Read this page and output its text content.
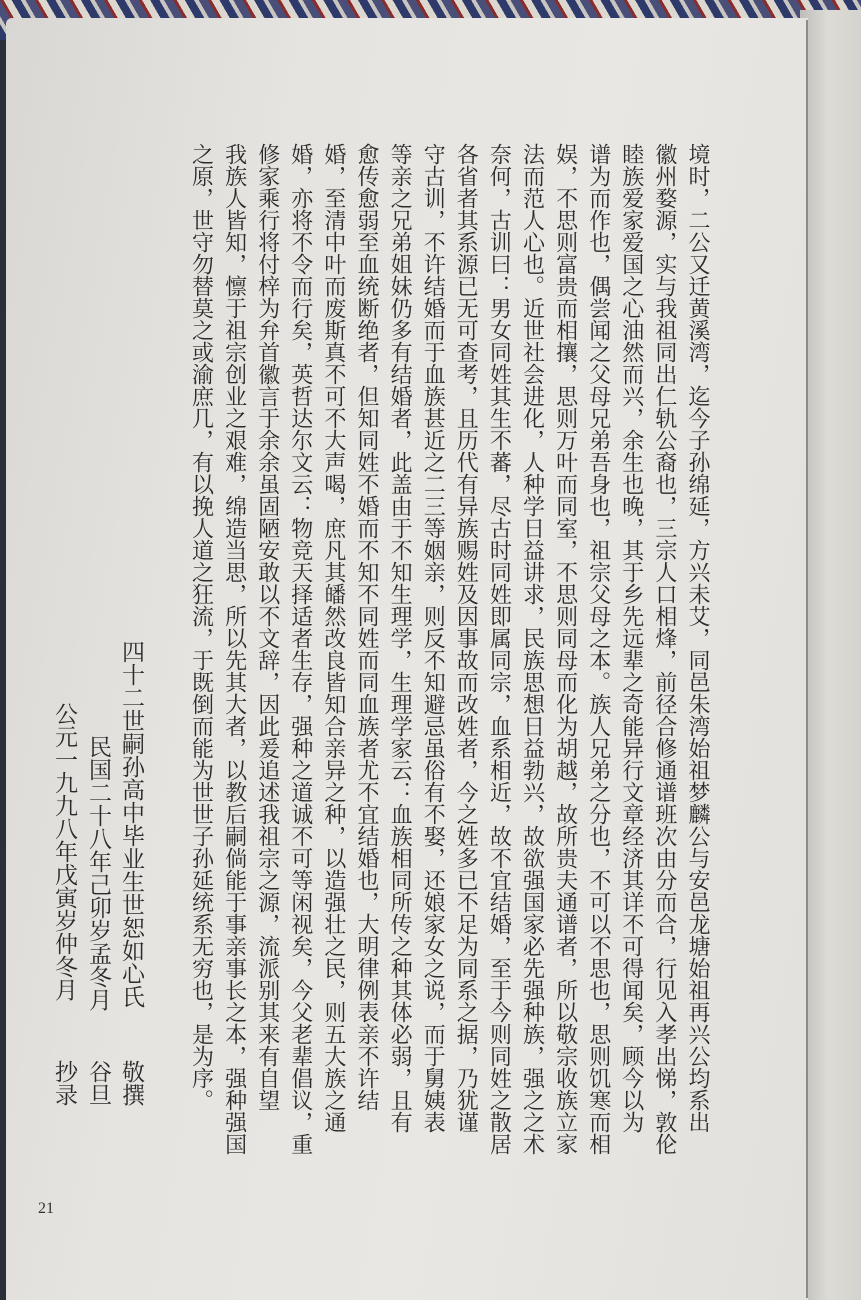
境时，二公又迁黄溪湾，迄今子孙绵延，方兴未艾，同邑朱湾始祖梦麟公与安邑龙塘始祖再兴公均系出
徽州婺源，实与我祖同出仁轨公裔也，三宗人口相烽，前径合修通谱班次由分而合，行见入孝出悌，敦伦
睦族爱家爱国之心油然而兴，余生也晚，其于乡先远辈之奇能异行文章经济其详不可得闻矣，顾今以为
谱为而作也，偶尝闻之父母兄弟吾身也，祖宗父母之本。族人兄弟之分也，不可以不思也，思则饥寒而相
娱，不思则富贵而相攘，思则万叶而同室，不思则同母而化为胡越，故所贵夫通谱者，所以敬宗收族立家
法而范人心也。近世社会进化，人种学日益讲求，民族思想日益勃兴，故欲强国家必先强种族，强之之术
奈何，古训曰：男女同姓其生不蕃，尽古时同姓即属同宗，血系相近，故不宜结婚，至于今则同姓之散居
各省者其系源已无可查考，且历代有异族赐姓及因事故而改姓者，今之姓多已不足为同系之据，乃犹谨
守古训，不许结婚而于血族甚近之二三等姻亲，则反不知避忌虽俗有不娶，还娘家女之说，而于舅姨表
等亲之兄弟姐妹仍多有结婚者，此盖由于不知生理学，生理学家云：血族相同所传之种其体必弱，且有
愈传愈弱至血统断绝者，但知同姓不婚而不知不同姓而同血族者尤不宜结婚也，大明律例表亲不许结
婚，至清中叶而废斯真不可不大声喝，庶凡其皤然改良皆知合亲异之种，以造强壮之民，则五大族之通
婚，亦将不令而行矣，英哲达尔文云：物竞天择适者生存，强种之道诚不可等闲视矣，今父老辈倡议，重
修家乘行将付梓为弁首徽言于余余虽固陋安敢以不文辞，因此爰追述我祖宗之源，流派别其来有自望
我族人皆知，懔于祖宗创业之艰难，绵造当思，所以先其大者，以教后嗣倘能于事亲事长之本，强种强国
之原，世守勿替莫之或渝庶几，有以挽人道之狂流，于既倒而能为世世子孙延统系无穷也，是为序。
四十二世嗣孙高中毕业生世恕如心氏
敬撰
民国二十八年己卯岁孟冬月
谷旦
公元一九九八年戊寅岁仲冬月
抄录
21
